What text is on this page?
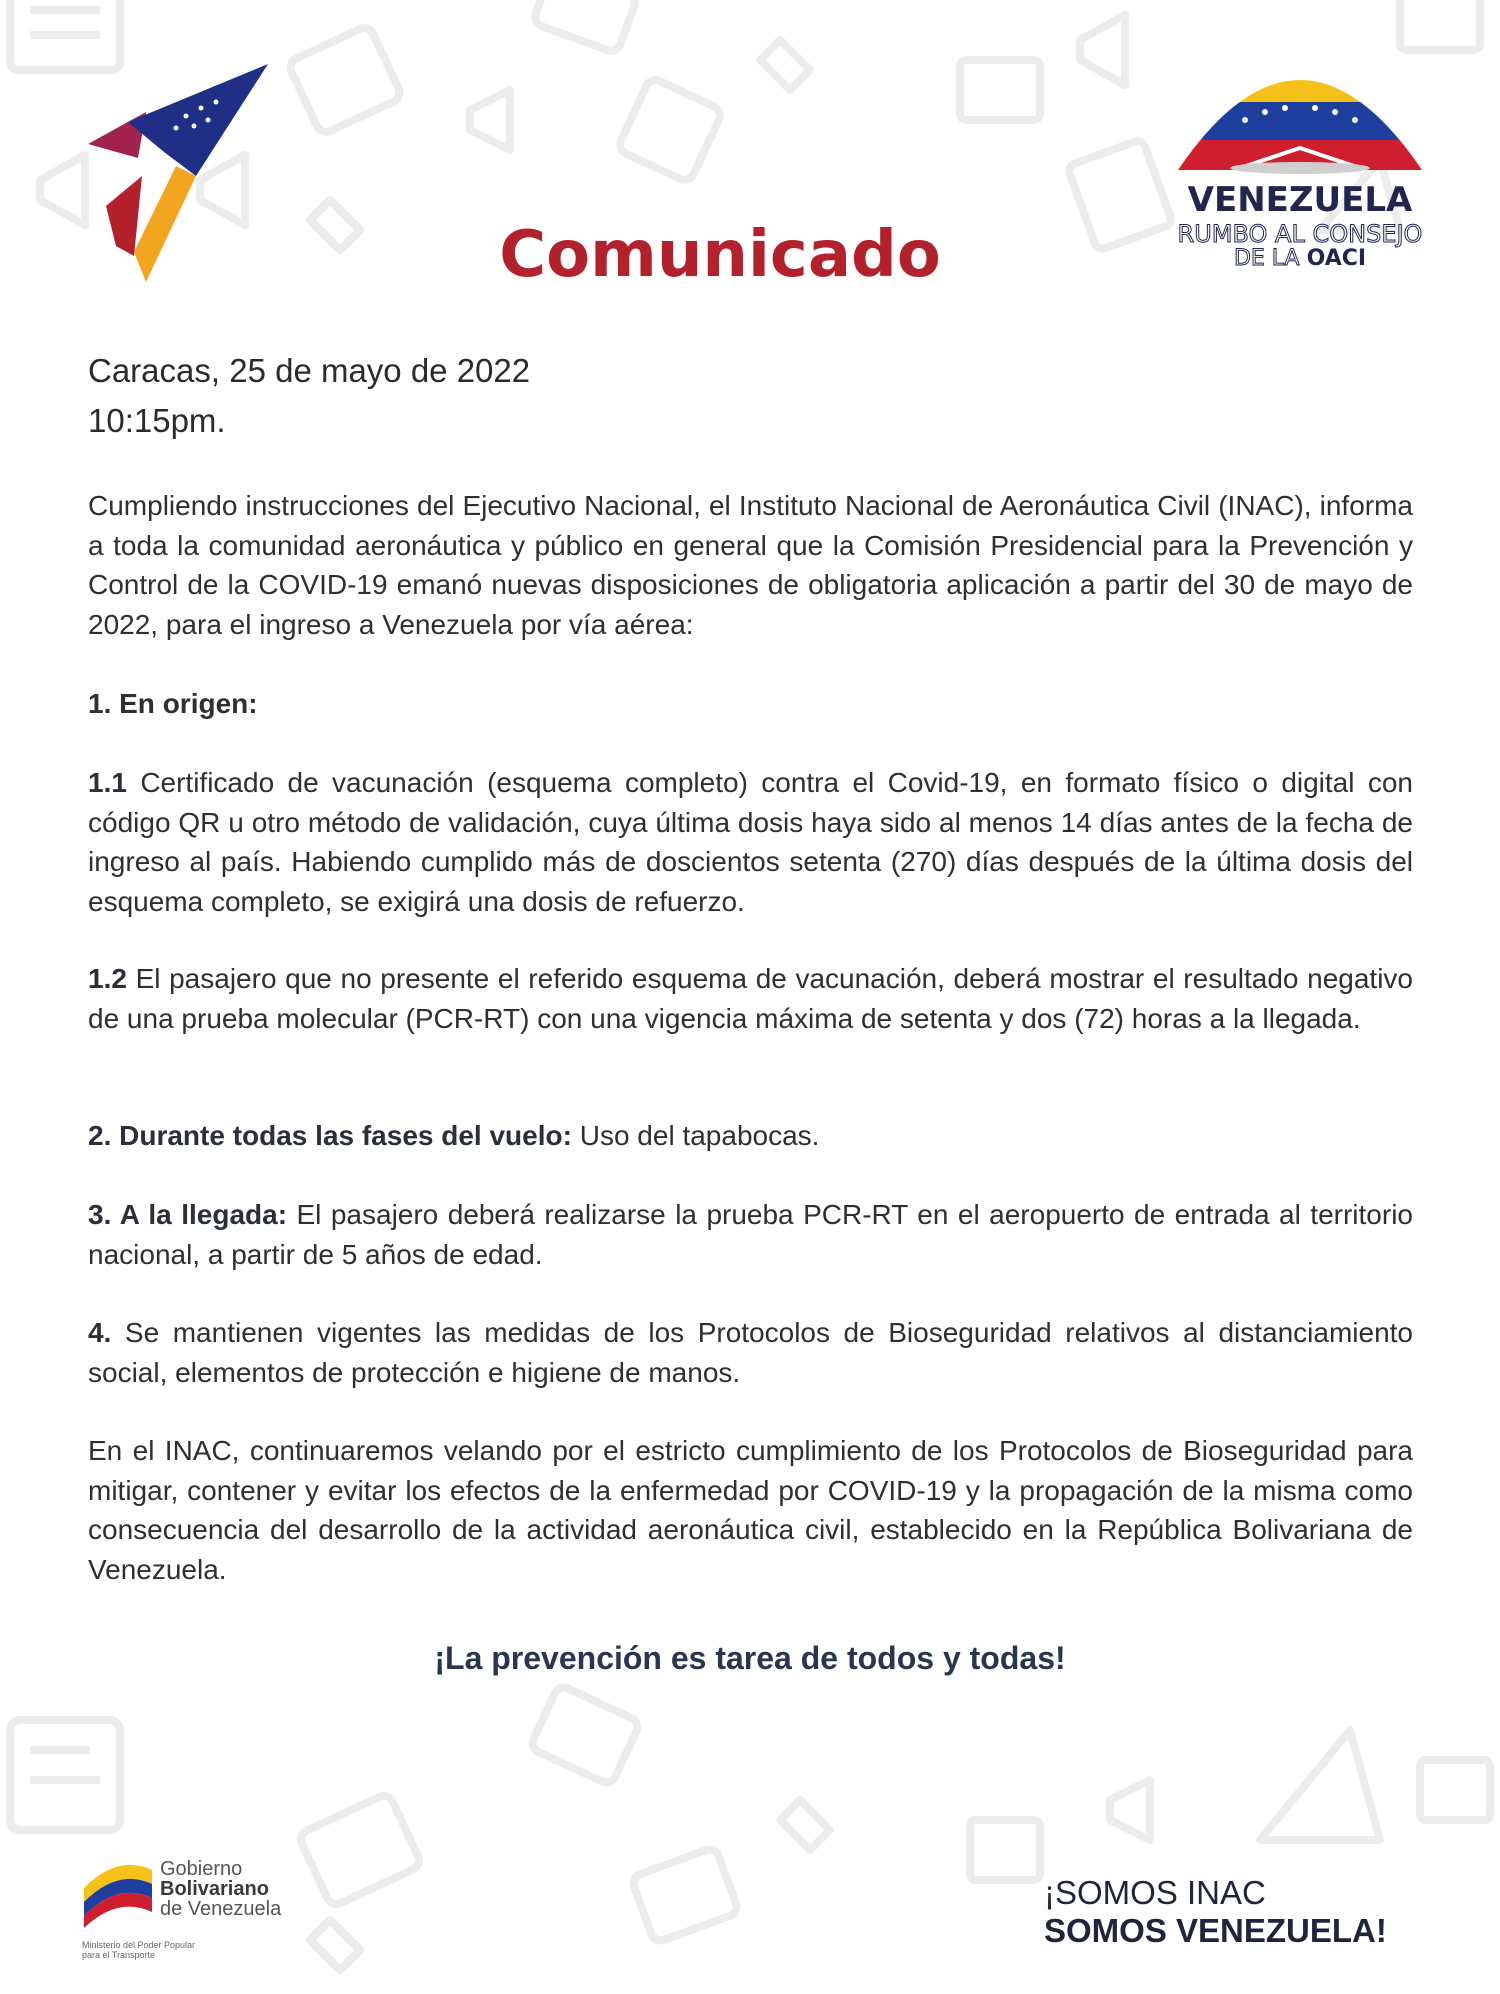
VENEZUELA
RUMBO AL CONSEJO
DE LA OACI
Comunicado
Caracas, 25 de mayo de 2022
10:15pm.
Cumpliendo instrucciones del Ejecutivo Nacional, el Instituto Nacional de Aeronáutica Civil (INAC), informa a toda la comunidad aeronáutica y público en general que la Comisión Presidencial para la Prevención y Control de la COVID-19 emanó nuevas disposiciones de obligatoria aplicación a partir del 30 de mayo de 2022, para el ingreso a Venezuela por vía aérea:
1. En origen:
1.1 Certificado de vacunación (esquema completo) contra el Covid-19, en formato físico o digital con código QR u otro método de validación, cuya última dosis haya sido al menos 14 días antes de la fecha de ingreso al país. Habiendo cumplido más de doscientos setenta (270) días después de la última dosis del esquema completo, se exigirá una dosis de refuerzo.
1.2 El pasajero que no presente el referido esquema de vacunación, deberá mostrar el resultado negativo de una prueba molecular (PCR-RT) con una vigencia máxima de setenta y dos (72) horas a la llegada.
2. Durante todas las fases del vuelo: Uso del tapabocas.
3. A la llegada: El pasajero deberá realizarse la prueba PCR-RT en el aeropuerto de entrada al territorio nacional, a partir de 5 años de edad.
4. Se mantienen vigentes las medidas de los Protocolos de Bioseguridad relativos al distanciamiento social, elementos de protección e higiene de manos.
En el INAC, continuaremos velando por el estricto cumplimiento de los Protocolos de Bioseguridad para mitigar, contener y evitar los efectos de la enfermedad por COVID-19 y la propagación de la misma como consecuencia del desarrollo de la actividad aeronáutica civil, establecido en la República Bolivariana de Venezuela.
¡La prevención es tarea de todos y todas!
Gobierno
Bolivariano
de Venezuela
Ministerio del Poder Popular
para el Transporte
¡SOMOS INAC
SOMOS VENEZUELA!
